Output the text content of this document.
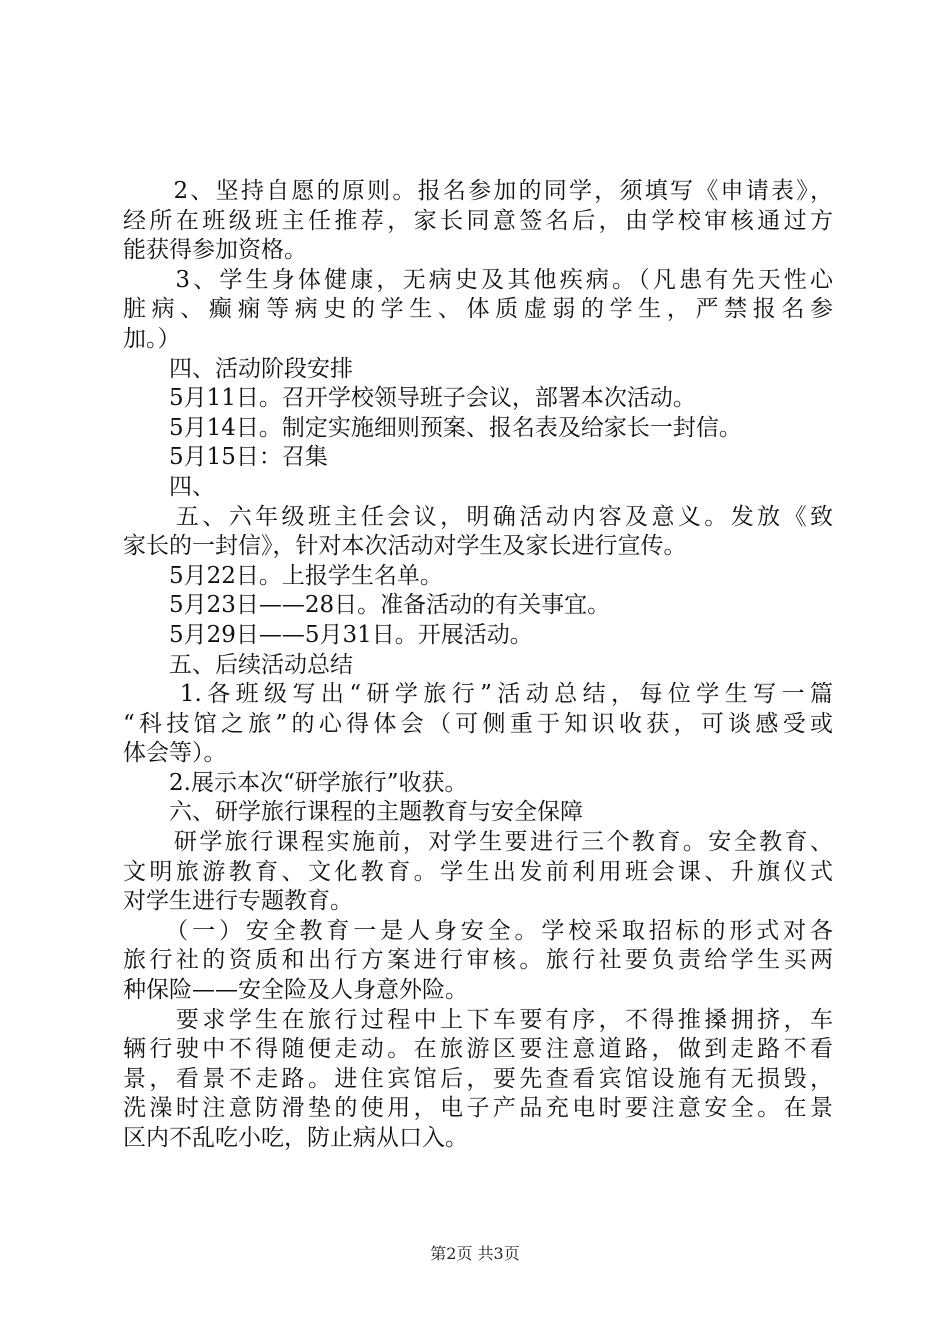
　　2、坚持自愿的原则。报名参加的同学，须填写《申请表》，
经所在班级班主任推荐，家长同意签名后，由学校审核通过方
能获得参加资格。
　　3、学生身体健康，无病史及其他疾病。（凡患有先天性心
脏病、癫痫等病史的学生、体质虚弱的学生，严禁报名参
加。）
　　四、活动阶段安排
　　5月11日。召开学校领导班子会议，部署本次活动。
　　5月14日。制定实施细则预案、报名表及给家长一封信。
　　5月15日：召集
　　四、
　　五、六年级班主任会议，明确活动内容及意义。发放《致
家长的一封信》，针对本次活动对学生及家长进行宣传。
　　5月22日。上报学生名单。
　　5月23日——28日。准备活动的有关事宜。
　　5月29日——5月31日。开展活动。
　　五、后续活动总结
　　1.各班级写出“研学旅行”活动总结，每位学生写一篇
“科技馆之旅”的心得体会（可侧重于知识收获，可谈感受或
体会等）。
　　2.展示本次“研学旅行”收获。
　　六、研学旅行课程的主题教育与安全保障
　　研学旅行课程实施前，对学生要进行三个教育。安全教育、
文明旅游教育、文化教育。学生出发前利用班会课、升旗仪式
对学生进行专题教育。
　　（一）安全教育一是人身安全。学校采取招标的形式对各
旅行社的资质和出行方案进行审核。旅行社要负责给学生买两
种保险——安全险及人身意外险。
　　要求学生在旅行过程中上下车要有序，不得推搡拥挤，车
辆行驶中不得随便走动。在旅游区要注意道路，做到走路不看
景，看景不走路。进住宾馆后，要先查看宾馆设施有无损毁，
洗澡时注意防滑垫的使用，电子产品充电时要注意安全。在景
区内不乱吃小吃，防止病从口入。
第2页 共3页
